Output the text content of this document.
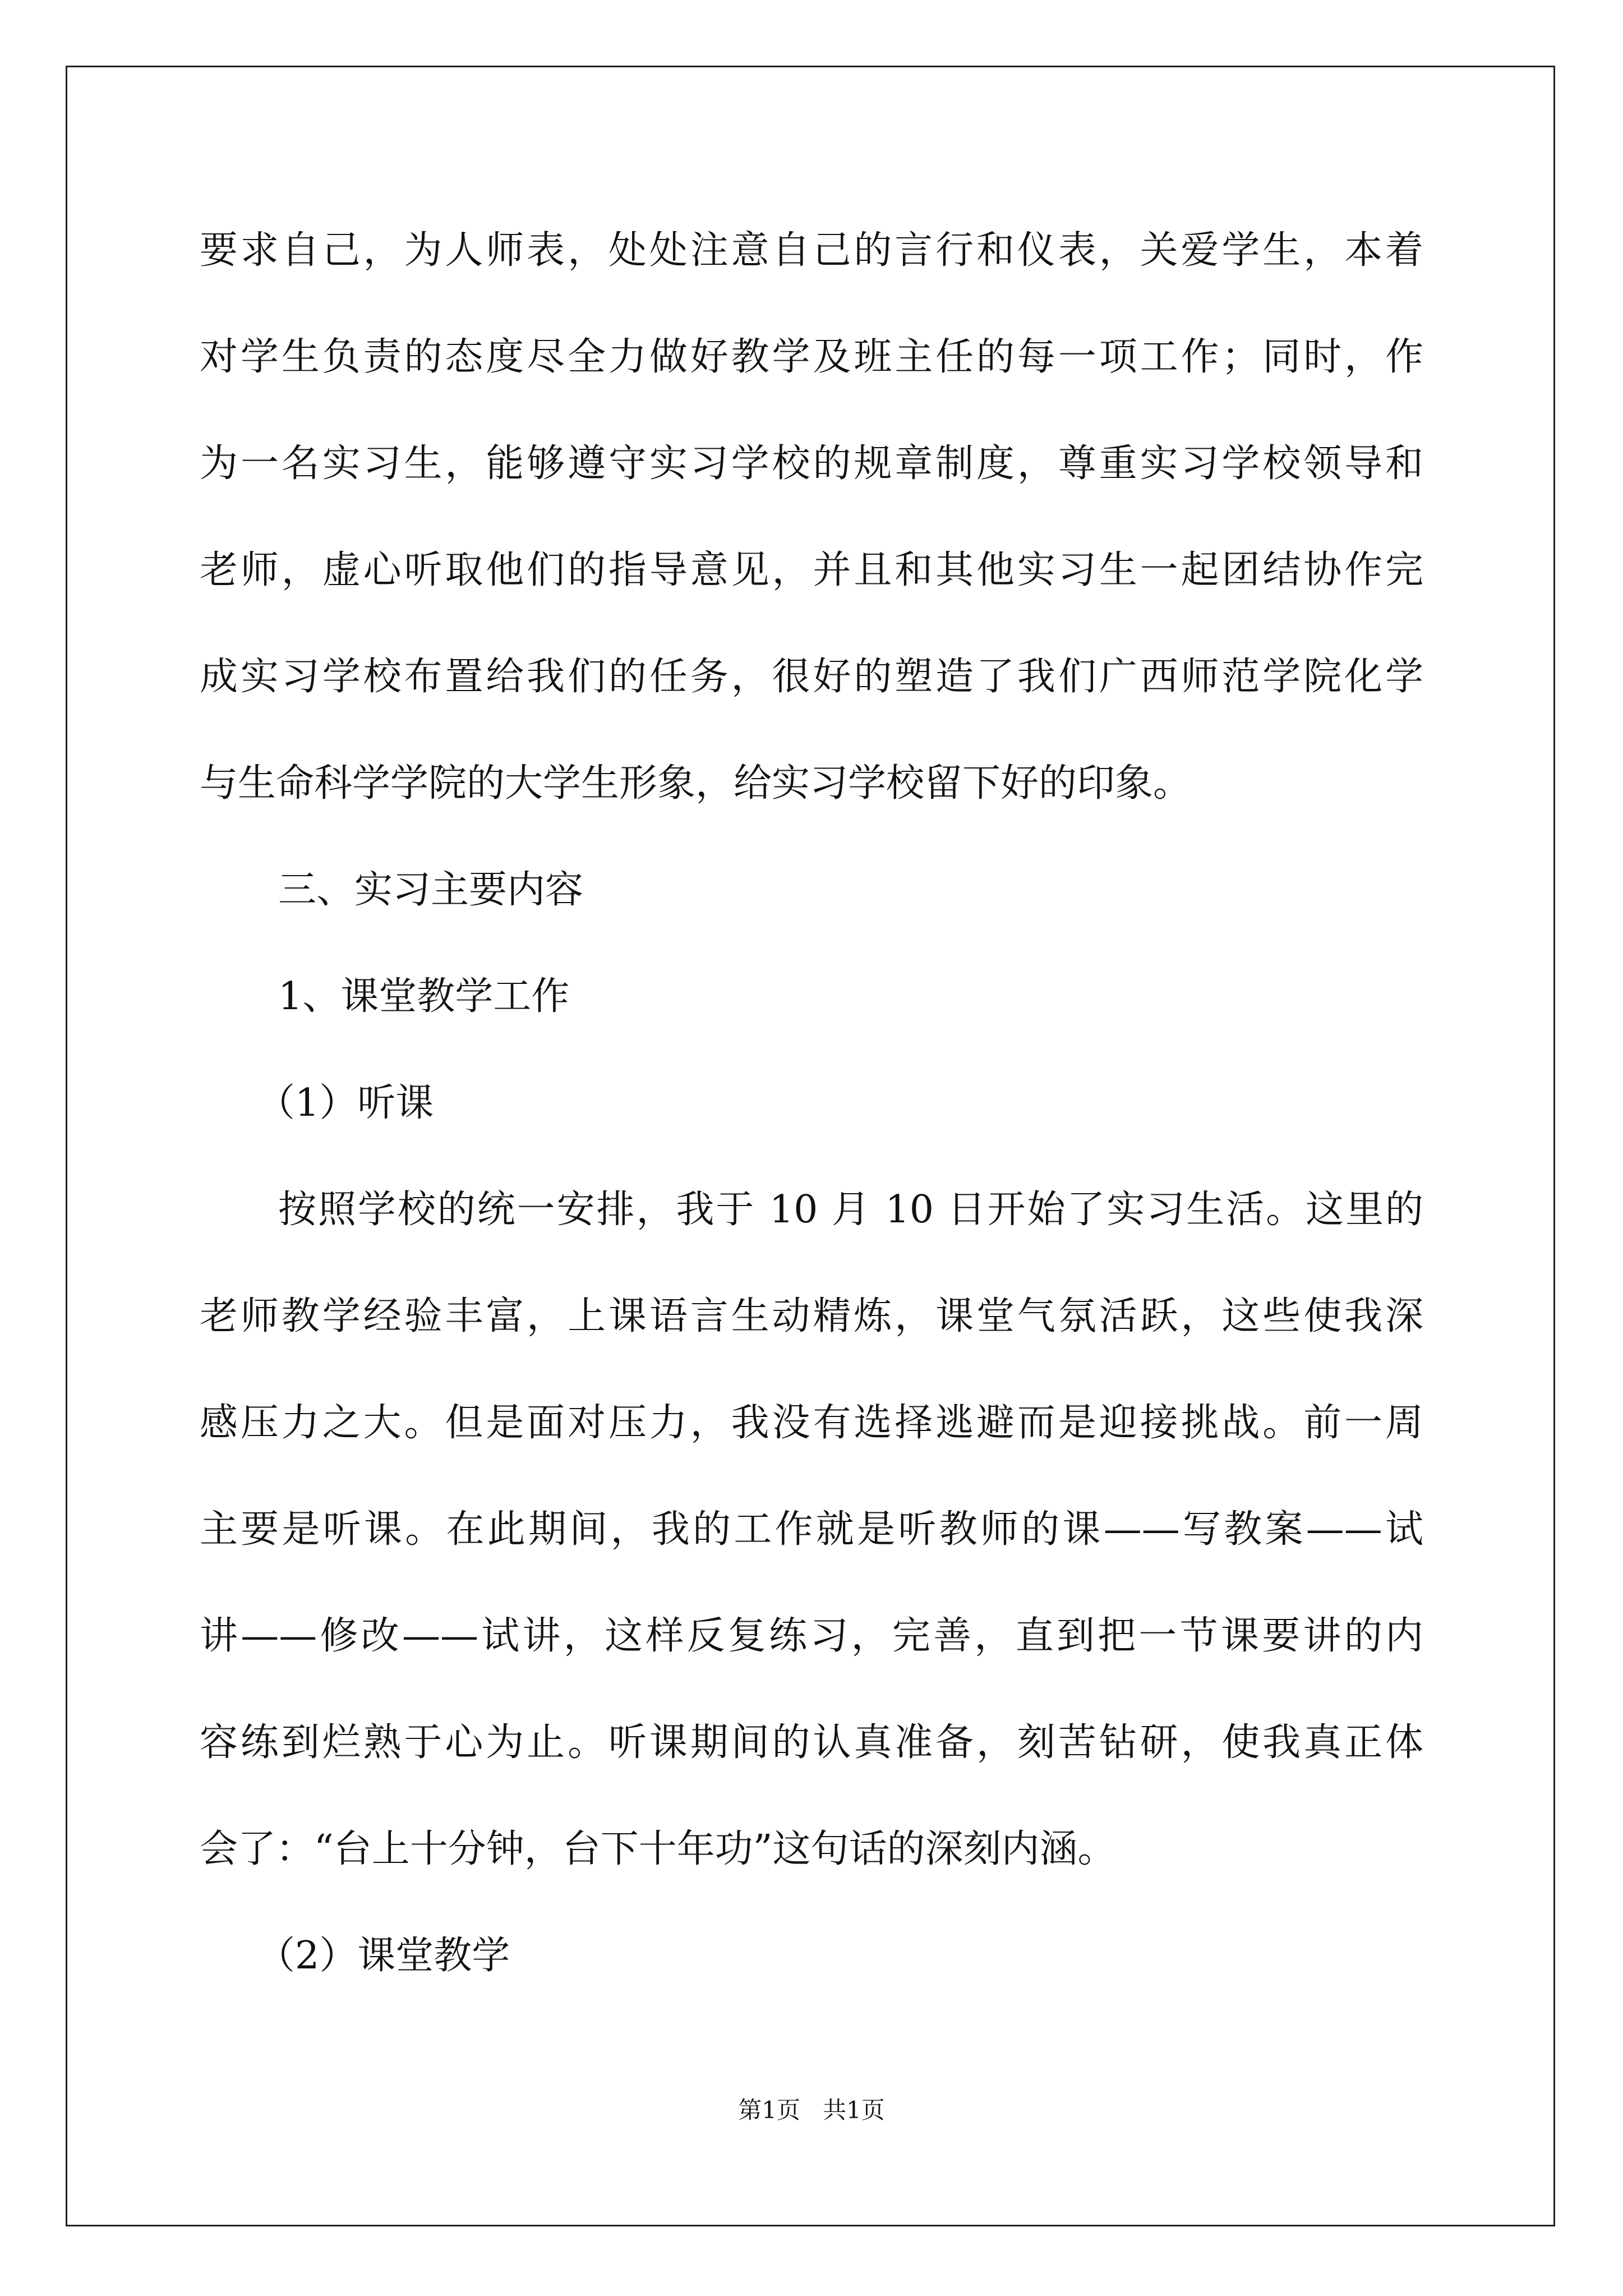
要求自己，为人师表，处处注意自己的言行和仪表，关爱学生，本着
对学生负责的态度尽全力做好教学及班主任的每一项工作；同时，作
为一名实习生，能够遵守实习学校的规章制度，尊重实习学校领导和
老师，虚心听取他们的指导意见，并且和其他实习生一起团结协作完
成实习学校布置给我们的任务，很好的塑造了我们广西师范学院化学
与生命科学学院的大学生形象，给实习学校留下好的印象。
三、实习主要内容
1、课堂教学工作
（1）听课
按照学校的统一安排，我于 10 月 10 日开始了实习生活。这里的
老师教学经验丰富，上课语言生动精炼，课堂气氛活跃，这些使我深
感压力之大。但是面对压力，我没有选择逃避而是迎接挑战。前一周
主要是听课。在此期间，我的工作就是听教师的课——写教案——试
讲——修改——试讲，这样反复练习，完善，直到把一节课要讲的内
容练到烂熟于心为止。听课期间的认真准备，刻苦钻研，使我真正体
会了：“台上十分钟，台下十年功”这句话的深刻内涵。
（2）课堂教学
第1页   共1页
